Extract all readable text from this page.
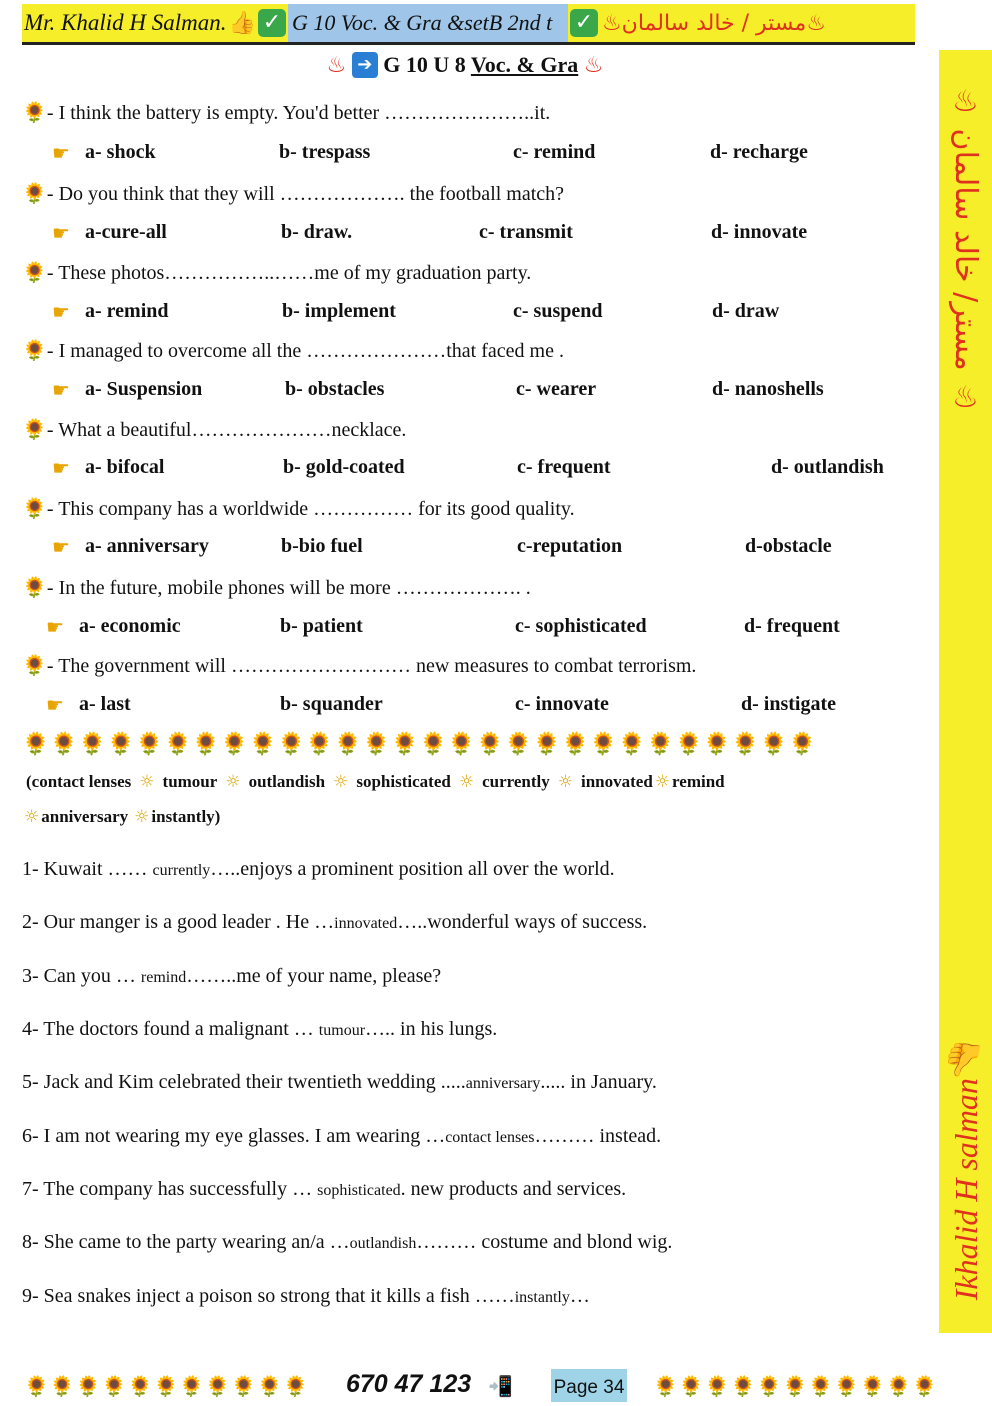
Mr. Khalid H Salman. 👍 ✓ G 10 Voc. & Gra &setB 2nd t	✓ ♨مستر / خالد سالمان♨
♨ مستر/ خالد سالمان ♨
Ikhalid H salman👍
♨ ➔ G 10 U 8 Voc. & Gra ♨
🌻- I think the battery is empty. You'd better …………………..it.
☛ a- shock	b- trespass	c- remind	d- recharge
🌻- Do you think that they will ………………. the football match?
☛ a-cure-all	b- draw.	c- transmit	d- innovate
🌻- These photos……………..……me of my graduation party.
☛ a- remind	b- implement	c- suspend	d- draw
🌻- I managed to overcome all the …………………that faced me .
☛ a- Suspension	b- obstacles	c- wearer	d- nanoshells
🌻- What a beautiful…………………necklace.
☛ a- bifocal	b- gold-coated	c- frequent	d- outlandish
🌻- This company has a worldwide …………… for its good quality.
☛ a- anniversary	b-bio fuel	c-reputation	d-obstacle
🌻- In the future, mobile phones will be more ………………. .
☛ a- economic	b- patient	c- sophisticated	d- frequent
🌻- The government will ……………………… new measures to combat terrorism.
☛ a- last	b- squander	c- innovate	d- instigate
🌻🌻🌻🌻🌻🌻🌻🌻🌻🌻🌻🌻🌻🌻🌻🌻🌻🌻🌻🌻🌻🌻🌻🌻🌻🌻🌻🌻
(contact lenses ☼ tumour ☼ outlandish ☼ sophisticated ☼ currently ☼ innovated ☼ remind
☼ anniversary ☼ instantly)
1- Kuwait …… currently…..enjoys a prominent position all over the world.
2- Our manger is a good leader . He …innovated…..wonderful ways of success.
3- Can you … remind……..me of your name, please?
4- The doctors found a malignant … tumour….. in his lungs.
5- Jack and Kim celebrated their twentieth wedding .....anniversary..... in January.
6- I am not wearing my eye glasses. I am wearing …contact lenses……… instead.
7- The company has successfully … sophisticated. new products and services.
8- She came to the party wearing an/a …outlandish……… costume and blond wig.
9- Sea snakes inject a poison so strong that it kills a fish ……instantly…
🌻🌻🌻🌻🌻🌻🌻🌻🌻🌻🌻 670 47 123 📲 Page 34 🌻🌻🌻🌻🌻🌻🌻🌻🌻🌻🌻
